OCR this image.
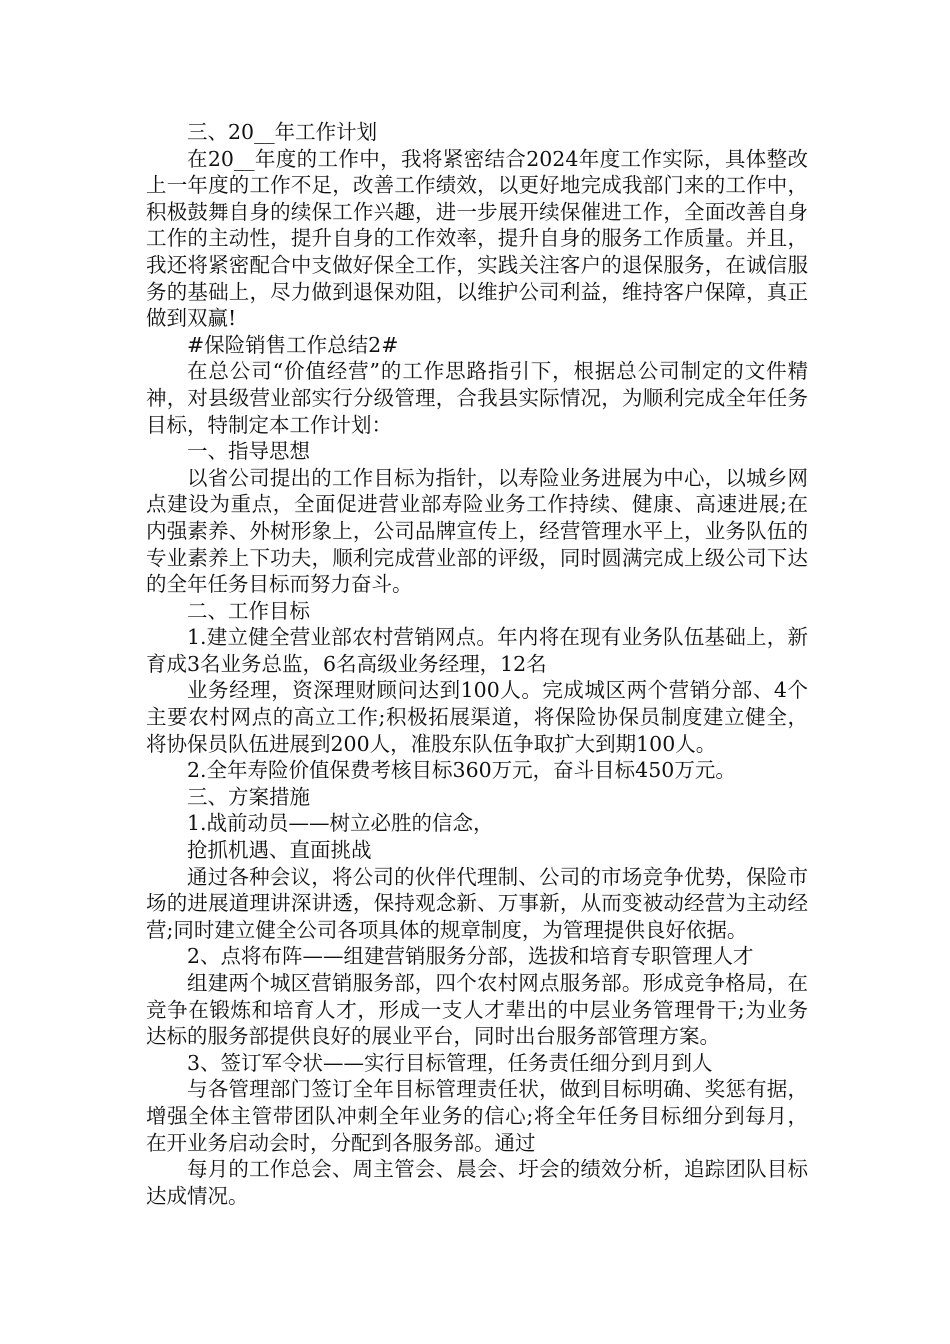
三、20__年工作计划

在20__年度的工作中，我将紧密结合2024年度工作实际，具体整改上一年度的工作不足，改善工作绩效，以更好地完成我部门来的工作中，积极鼓舞自身的续保工作兴趣，进一步展开续保催进工作，全面改善自身工作的主动性，提升自身的工作效率，提升自身的服务工作质量。并且，我还将紧密配合中支做好保全工作，实践关注客户的退保服务，在诚信服务的基础上，尽力做到退保劝阻，以维护公司利益，维持客户保障，真正做到双赢!

#保险销售工作总结2#

在总公司“价值经营”的工作思路指引下，根据总公司制定的文件精神，对县级营业部实行分级管理，合我县实际情况，为顺利完成全年任务目标，特制定本工作计划：

一、指导思想

以省公司提出的工作目标为指针，以寿险业务进展为中心，以城乡网点建设为重点，全面促进营业部寿险业务工作持续、健康、高速进展;在内强素养、外树形象上，公司品牌宣传上，经营管理水平上，业务队伍的专业素养上下功夫，顺利完成营业部的评级，同时圆满完成上级公司下达的全年任务目标而努力奋斗。

二、工作目标

1.建立健全营业部农村营销网点。年内将在现有业务队伍基础上，新育成3名业务总监，6名高级业务经理，12名

业务经理，资深理财顾问达到100人。完成城区两个营销分部、4个主要农村网点的高立工作;积极拓展渠道，将保险协保员制度建立健全，将协保员队伍进展到200人，准股东队伍争取扩大到期100人。

2.全年寿险价值保费考核目标360万元，奋斗目标450万元。

三、方案措施

1.战前动员——树立必胜的信念，

抢抓机遇、直面挑战

通过各种会议，将公司的伙伴代理制、公司的市场竞争优势，保险市场的进展道理讲深讲透，保持观念新、万事新，从而变被动经营为主动经营;同时建立健全公司各项具体的规章制度，为管理提供良好依据。

2、点将布阵——组建营销服务分部，选拔和培育专职管理人才

组建两个城区营销服务部，四个农村网点服务部。形成竞争格局，在竞争在锻炼和培育人才，形成一支人才辈出的中层业务管理骨干;为业务达标的服务部提供良好的展业平台，同时出台服务部管理方案。

3、签订军令状——实行目标管理，任务责任细分到月到人

与各管理部门签订全年目标管理责任状，做到目标明确、奖惩有据，增强全体主管带团队冲刺全年业务的信心;将全年任务目标细分到每月，在开业务启动会时，分配到各服务部。通过

每月的工作总会、周主管会、晨会、圩会的绩效分析，追踪团队目标达成情况。
